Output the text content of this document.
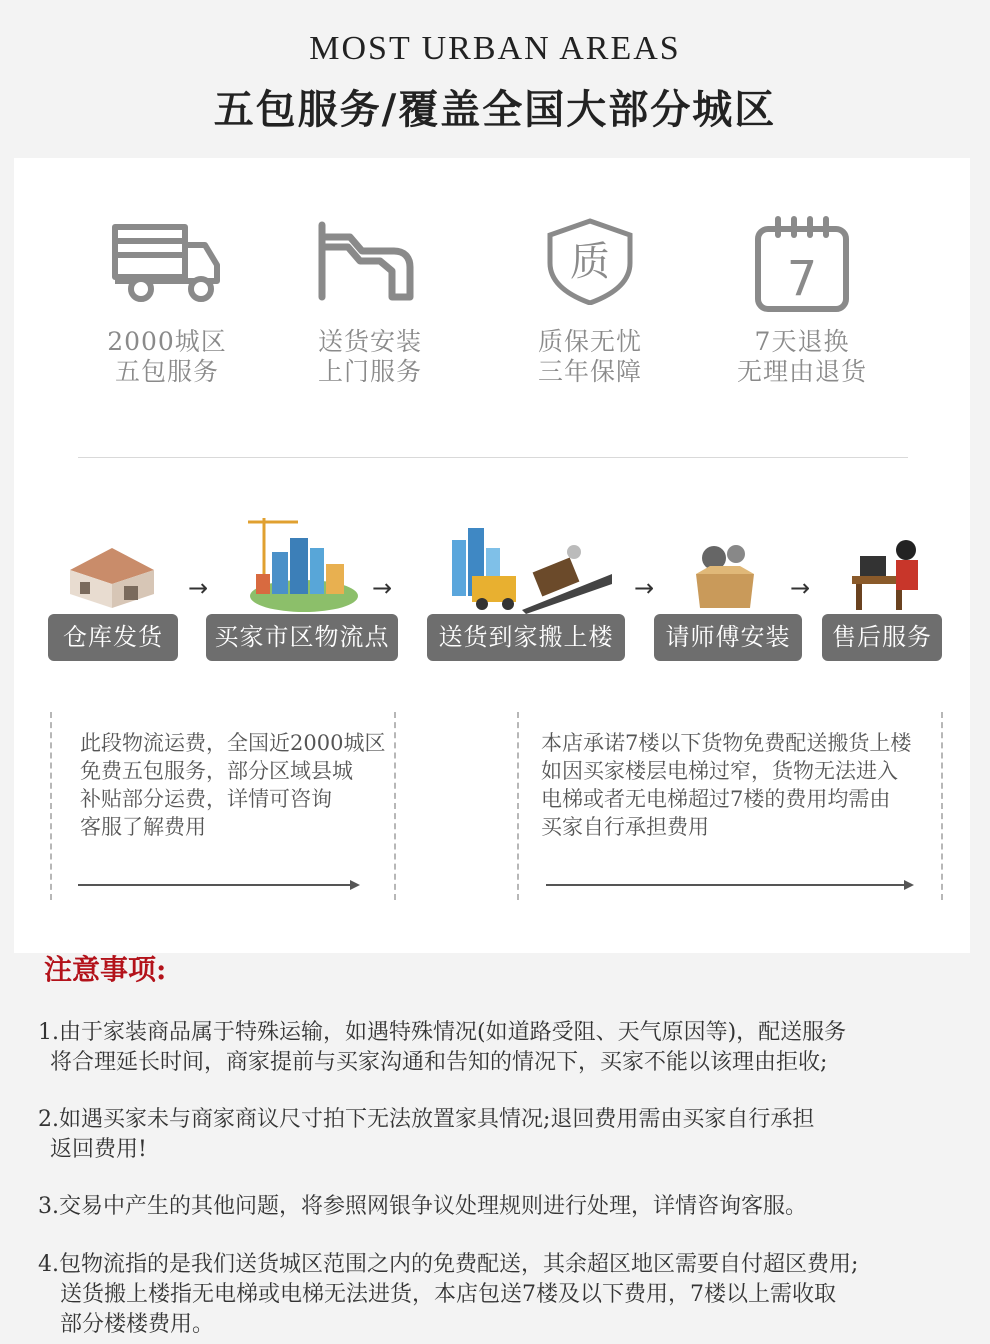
MOST URBAN AREAS
五包服务/覆盖全国大部分城区
2000城区
五包服务
送货安装
上门服务
质
质保无忧
三年保障
7
7天退换
无理由退货
仓库发货
→
买家市区物流点
→
送货到家搬上楼
→
请师傅安装
→
售后服务
此段物流运费，全国近2000城区
免费五包服务，部分区域县城
补贴部分运费，详情可咨询
客服了解费用
本店承诺7楼以下货物免费配送搬货上楼
如因买家楼层电梯过窄，货物无法进入
电梯或者无电梯超过7楼的费用均需由
买家自行承担费用
注意事项:
1.由于家装商品属于特殊运输，如遇特殊情况(如道路受阻、天气原因等)，配送服务
将合理延长时间，商家提前与买家沟通和告知的情况下，买家不能以该理由拒收;
2.如遇买家未与商家商议尺寸拍下无法放置家具情况;退回费用需由买家自行承担
返回费用!
3.交易中产生的其他问题，将参照网银争议处理规则进行处理，详情咨询客服。
4.包物流指的是我们送货城区范围之内的免费配送，其余超区地区需要自付超区费用;
送货搬上楼指无电梯或电梯无法进货，本店包送7楼及以下费用，7楼以上需收取
部分楼楼费用。
